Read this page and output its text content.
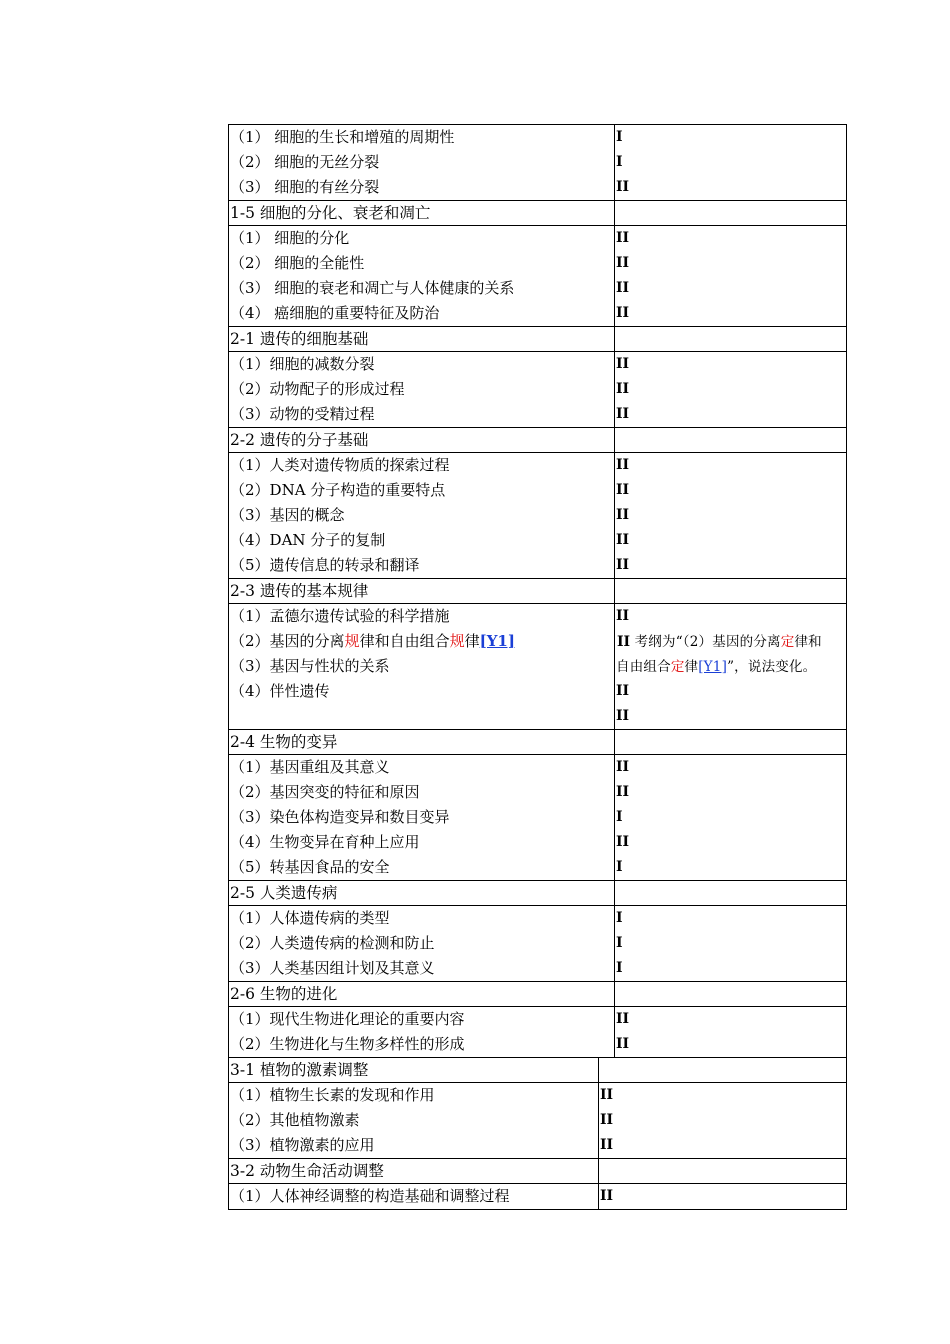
（1） 细胞的生长和增殖的周期性
（2） 细胞的无丝分裂
（3） 细胞的有丝分裂
I
I
II
1-5 细胞的分化、衰老和凋亡
（1） 细胞的分化
（2） 细胞的全能性
（3） 细胞的衰老和凋亡与人体健康的关系
（4） 癌细胞的重要特征及防治
II
II
II
II
2-1 遗传的细胞基础
（1）细胞的减数分裂
（2）动物配子的形成过程
（3）动物的受精过程
II
II
II
2-2 遗传的分子基础
（1）人类对遗传物质的探索过程
（2）DNA 分子构造的重要特点
（3）基因的概念
（4）DAN 分子的复制
（5）遗传信息的转录和翻译
II
II
II
II
II
2-3 遗传的基本规律
（1）孟德尔遗传试验的科学措施
（2）基因的分离规律和自由组合规律[Y1]
（3）基因与性状的关系
（4）伴性遗传
II
II 考纲为“（2）基因的分离定律和
自由组合定律[Y1]”，说法变化。
II
II
2-4 生物的变异
（1）基因重组及其意义
（2）基因突变的特征和原因
（3）染色体构造变异和数目变异
（4）生物变异在育种上应用
（5）转基因食品的安全
II
II
I
II
I
2-5 人类遗传病
（1）人体遗传病的类型
（2）人类遗传病的检测和防止
（3）人类基因组计划及其意义
I
I
I
2-6 生物的进化
（1）现代生物进化理论的重要内容
（2）生物进化与生物多样性的形成
II
II
3-1 植物的激素调整
（1）植物生长素的发现和作用
（2）其他植物激素
（3）植物激素的应用
II
II
II
3-2 动物生命活动调整
（1）人体神经调整的构造基础和调整过程	II
